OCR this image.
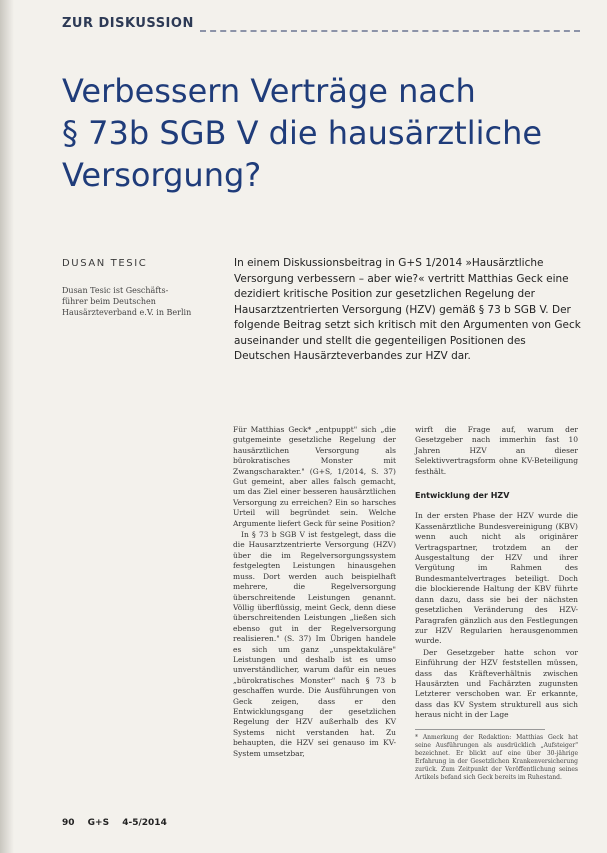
ZUR DISKUSSION
Verbessern Verträge nach
§ 73b SGB V die hausärztliche
Versorgung?
DUSAN TESIC
Dusan Tesic ist Geschäfts-führer beim Deutschen Hausärzteverband e.V. in Berlin
In einem Diskussionsbeitrag in G+S 1/2014 »Hausärztliche Versorgung verbessern – aber wie?« vertritt Matthias Geck eine dezidiert kritische Position zur gesetzlichen Regelung der Hausarztzentrierten Versorgung (HZV) gemäß § 73 b SGB V. Der folgende Beitrag setzt sich kritisch mit den Argumenten von Geck auseinander und stellt die gegenteiligen Positionen des Deutschen Hausärzteverbandes zur HZV dar.

Für Matthias Geck* „entpuppt" sich „die gutgemeinte gesetzliche Regelung der hausärztlichen Versorgung als bürokratisches Monster mit Zwangscharakter." (G+S, 1/2014, S. 37) Gut gemeint, aber alles falsch gemacht, um das Ziel einer besseren hausärztlichen Versorgung zu erreichen? Ein so harsches Urteil will begründet sein. Welche Argumente liefert Geck für seine Position?

In § 73 b SGB V ist festgelegt, dass die die Hausarztzentrierte Versorgung (HZV) über die im Regelversorgungssystem festgelegten Leistungen hinausgehen muss. Dort werden auch beispielhaft mehrere, die Regelversorgung überschreitende Leistungen genannt. Völlig überflüssig, meint Geck, denn diese überschreitenden Leistungen „ließen sich ebenso gut in der Regelversorgung realisieren." (S. 37) Im Übrigen handele es sich um ganz „unspektakuläre" Leistungen und deshalb ist es umso unverständlicher, warum dafür ein neues „bürokratisches Monster" nach § 73 b geschaffen wurde. Die Ausführungen von Geck zeigen, dass er den Entwicklungsgang der gesetzlichen Regelung der HZV außerhalb des KV Systems nicht verstanden hat. Zu behaupten, die HZV sei genauso im KV-System umsetzbar,

wirft die Frage auf, warum der Gesetzgeber nach immerhin fast 10 Jahren HZV an dieser Selektivvertragsform ohne KV-Beteiligung festhält.

Entwicklung der HZV

In der ersten Phase der HZV wurde die Kassenärztliche Bundesvereinigung (KBV) wenn auch nicht als originärer Vertragspartner, trotzdem an der Ausgestaltung der HZV und ihrer Vergütung im Rahmen des Bundesmantelvertrages beteiligt. Doch die blockierende Haltung der KBV führte dann dazu, dass sie bei der nächsten gesetzlichen Veränderung des HZV-Paragrafen gänzlich aus den Festlegungen zur HZV Regularien herausgenommen wurde.

Der Gesetzgeber hatte schon vor Einführung der HZV feststellen müssen, dass das Kräfteverhältnis zwischen Hausärzten und Fachärzten zugunsten Letzterer verschoben war. Er erkannte, dass das KV System strukturell aus sich heraus nicht in der Lage

* Anmerkung der Redaktion: Matthias Geck hat seine Ausführungen als ausdrücklich „Aufsteiger" bezeichnet. Er blickt auf eine über 30-jährige Erfahrung in der Gesetzlichen Krankenversicherung zurück. Zum Zeitpunkt der Veröffentlichung seines Artikels befand sich Geck bereits im Ruhestand.
90 G+S 4-5/2014
